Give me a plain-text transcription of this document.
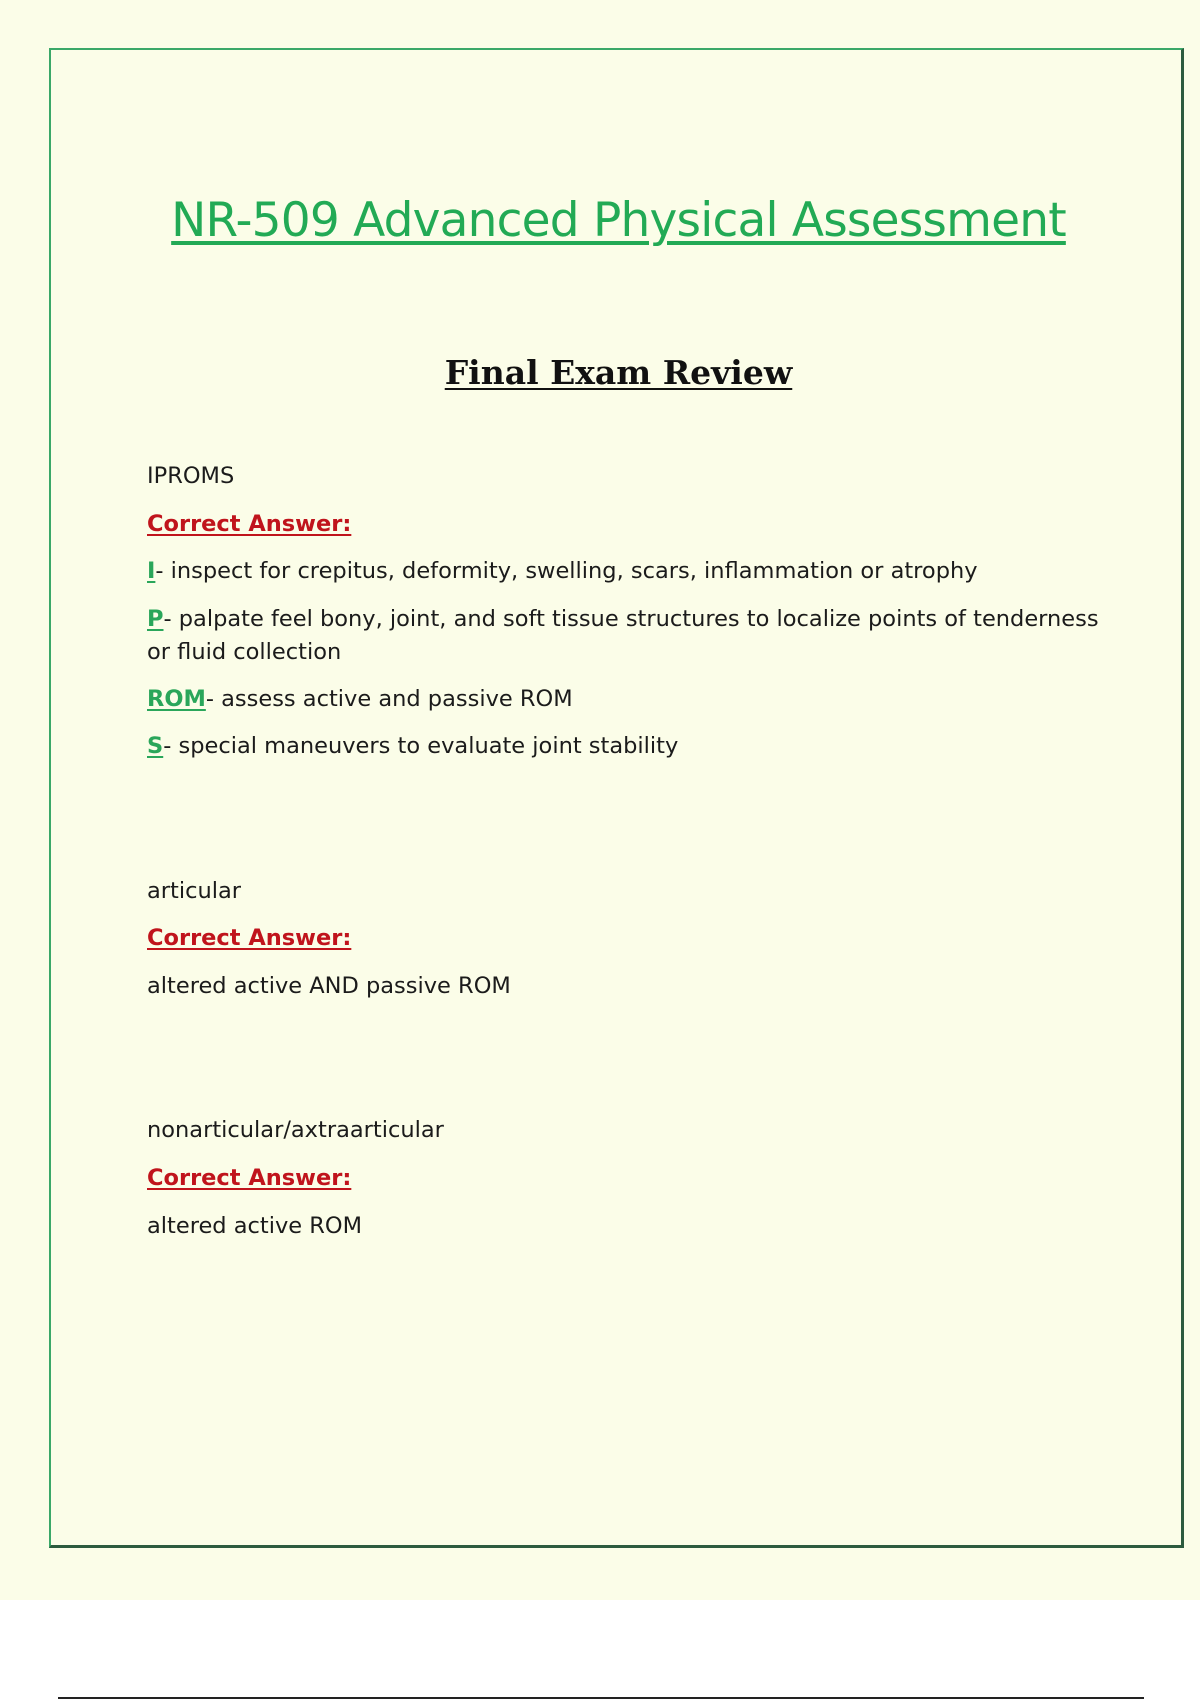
NR-509 Advanced Physical Assessment
Final Exam Review

IPROMS

Correct Answer:

I- inspect for crepitus, deformity, swelling, scars, inflammation or atrophy

P- palpate feel bony, joint, and soft tissue structures to localize points of tenderness or fluid collection

ROM- assess active and passive ROM

S- special maneuvers to evaluate joint stability

articular

Correct Answer:

altered active AND passive ROM

nonarticular/axtraarticular

Correct Answer:

altered active ROM
